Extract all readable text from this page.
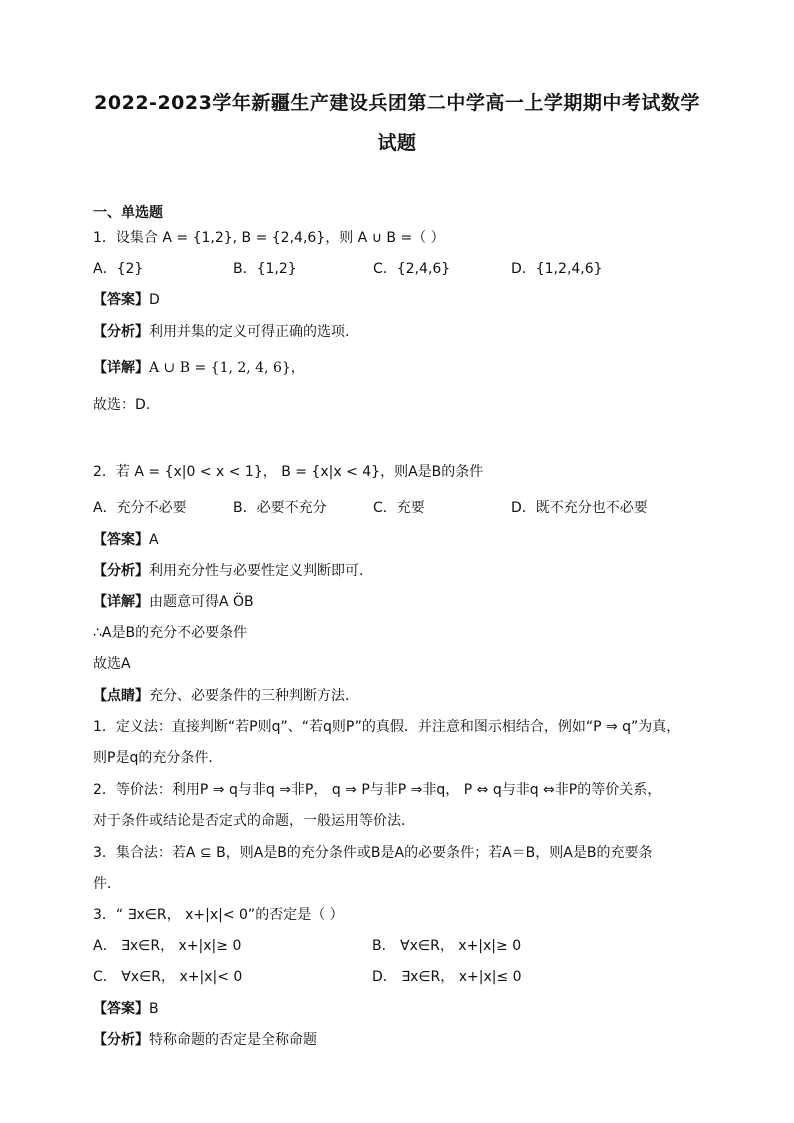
2022-2023学年新疆生产建设兵团第二中学高一上学期期中考试数学
试题
一、单选题
1．设集合 A = {1,2}, B = {2,4,6}，则 A ∪ B =（ ）
A．{2}	B．{1,2}	C．{2,4,6}	D．{1,2,4,6}
【答案】D
【分析】利用并集的定义可得正确的选项.
【详解】A ∪ B = {1, 2, 4, 6}，
故选：D.
2．若 A = {x|0 < x < 1}， B = {x|x < 4}，则A是B的条件
A．充分不必要	B．必要不充分	C．充要	D．既不充分也不必要
【答案】A
【分析】利用充分性与必要性定义判断即可.
【详解】由题意可得A ÖB
∴A是B的充分不必要条件
故选A
【点睛】充分、必要条件的三种判断方法．
1．定义法：直接判断“若P则q”、“若q则P”的真假．并注意和图示相结合，例如“P ⇒ q”为真，
则P是q的充分条件．
2．等价法：利用P ⇒ q与非q ⇒非P， q ⇒ P与非P ⇒非q， P ⇔ q与非q ⇔非P的等价关系，
对于条件或结论是否定式的命题，一般运用等价法．
3．集合法：若A ⊆ B，则A是B的充分条件或B是A的必要条件；若A＝B，则A是B的充要条
件．
3．“ ∃x∈R， x+|x|< 0”的否定是（ ）
A． ∃x∈R， x+|x|≥ 0	B． ∀x∈R， x+|x|≥ 0
C． ∀x∈R， x+|x|< 0	D． ∃x∈R， x+|x|≤ 0
【答案】B
【分析】特称命题的否定是全称命题
